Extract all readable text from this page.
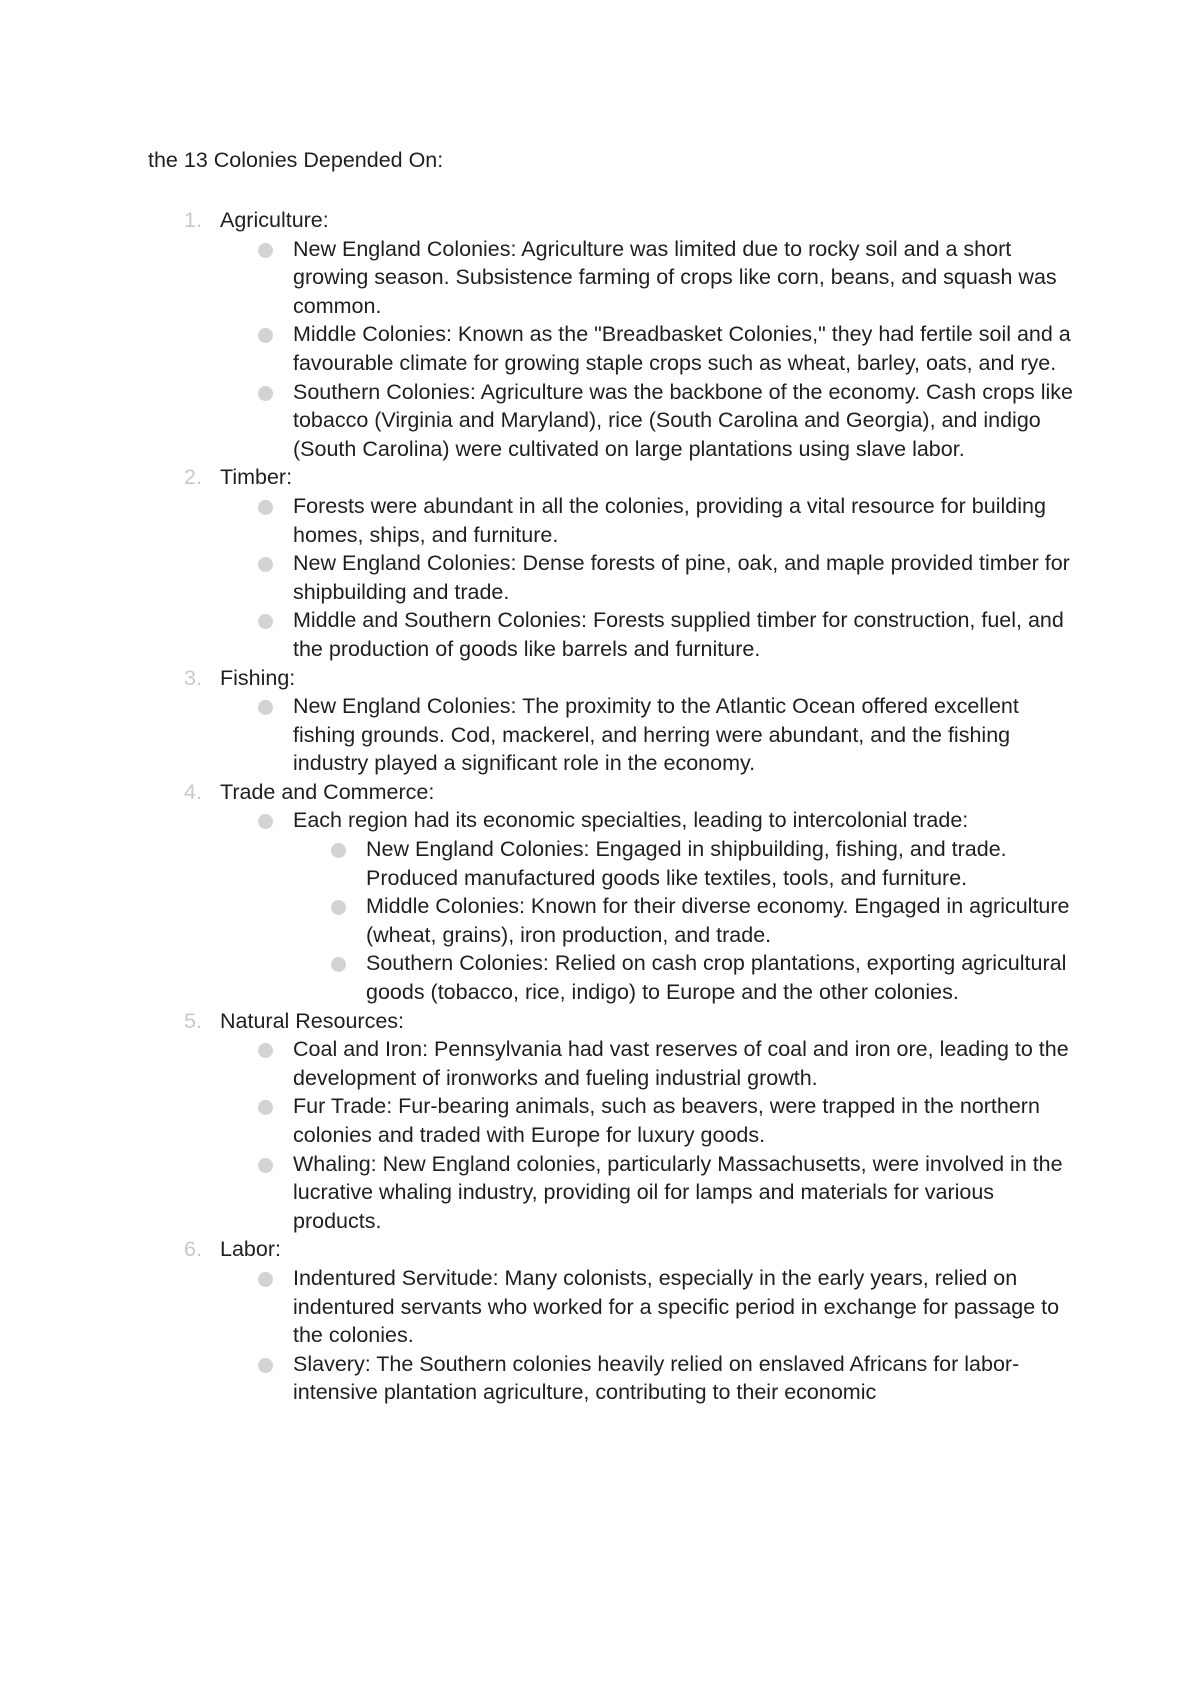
the 13 Colonies Depended On:
1. Agriculture:
New England Colonies: Agriculture was limited due to rocky soil and a short growing season. Subsistence farming of crops like corn, beans, and squash was common.
Middle Colonies: Known as the "Breadbasket Colonies," they had fertile soil and a favourable climate for growing staple crops such as wheat, barley, oats, and rye.
Southern Colonies: Agriculture was the backbone of the economy. Cash crops like tobacco (Virginia and Maryland), rice (South Carolina and Georgia), and indigo (South Carolina) were cultivated on large plantations using slave labor.
2. Timber:
Forests were abundant in all the colonies, providing a vital resource for building homes, ships, and furniture.
New England Colonies: Dense forests of pine, oak, and maple provided timber for shipbuilding and trade.
Middle and Southern Colonies: Forests supplied timber for construction, fuel, and the production of goods like barrels and furniture.
3. Fishing:
New England Colonies: The proximity to the Atlantic Ocean offered excellent fishing grounds. Cod, mackerel, and herring were abundant, and the fishing industry played a significant role in the economy.
4. Trade and Commerce:
Each region had its economic specialties, leading to intercolonial trade:
New England Colonies: Engaged in shipbuilding, fishing, and trade. Produced manufactured goods like textiles, tools, and furniture.
Middle Colonies: Known for their diverse economy. Engaged in agriculture (wheat, grains), iron production, and trade.
Southern Colonies: Relied on cash crop plantations, exporting agricultural goods (tobacco, rice, indigo) to Europe and the other colonies.
5. Natural Resources:
Coal and Iron: Pennsylvania had vast reserves of coal and iron ore, leading to the development of ironworks and fueling industrial growth.
Fur Trade: Fur-bearing animals, such as beavers, were trapped in the northern colonies and traded with Europe for luxury goods.
Whaling: New England colonies, particularly Massachusetts, were involved in the lucrative whaling industry, providing oil for lamps and materials for various products.
6. Labor:
Indentured Servitude: Many colonists, especially in the early years, relied on indentured servants who worked for a specific period in exchange for passage to the colonies.
Slavery: The Southern colonies heavily relied on enslaved Africans for labor-intensive plantation agriculture, contributing to their economic
